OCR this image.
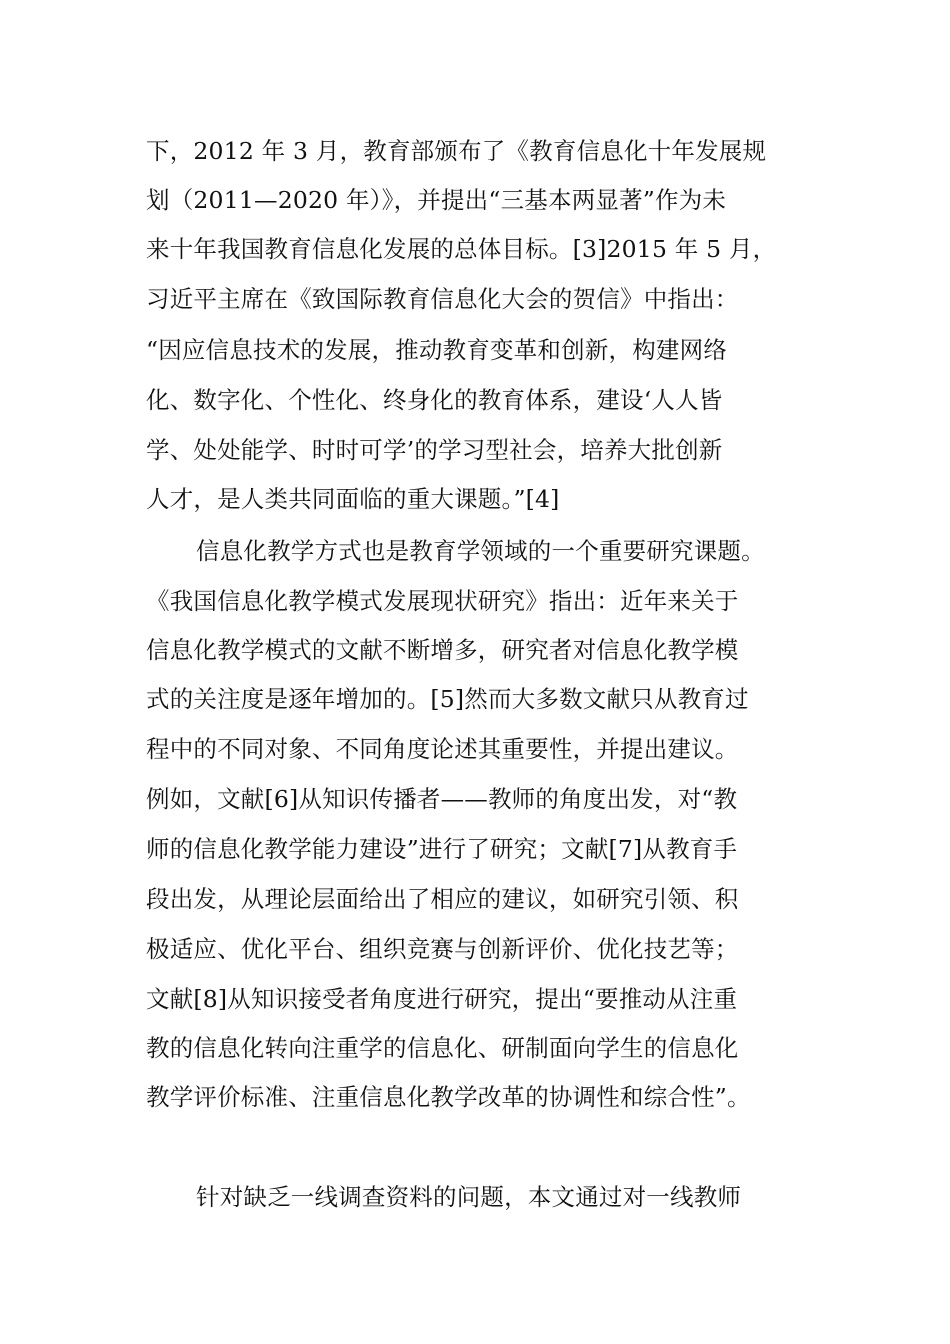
下，2012 年 3 月，教育部颁布了《教育信息化十年发展规
划（2011—2020 年）》，并提出“三基本两显著”作为未
来十年我国教育信息化发展的总体目标。[3]2015 年 5 月，
习近平主席在《致国际教育信息化大会的贺信》中指出：
“因应信息技术的发展，推动教育变革和创新，构建网络
化、数字化、个性化、终身化的教育体系，建设‘人人皆
学、处处能学、时时可学’的学习型社会，培养大批创新
人才，是人类共同面临的重大课题。”[4]
信息化教学方式也是教育学领域的一个重要研究课题。
《我国信息化教学模式发展现状研究》指出：近年来关于
信息化教学模式的文献不断增多，研究者对信息化教学模
式的关注度是逐年增加的。[5]然而大多数文献只从教育过
程中的不同对象、不同角度论述其重要性，并提出建议。
例如，文献[6]从知识传播者——教师的角度出发，对“教
师的信息化教学能力建设”进行了研究；文献[7]从教育手
段出发，从理论层面给出了相应的建议，如研究引领、积
极适应、优化平台、组织竞赛与创新评价、优化技艺等；
文献[8]从知识接受者角度进行研究，提出“要推动从注重
教的信息化转向注重学的信息化、研制面向学生的信息化
教学评价标准、注重信息化教学改革的协调性和综合性”。
针对缺乏一线调查资料的问题，本文通过对一线教师
